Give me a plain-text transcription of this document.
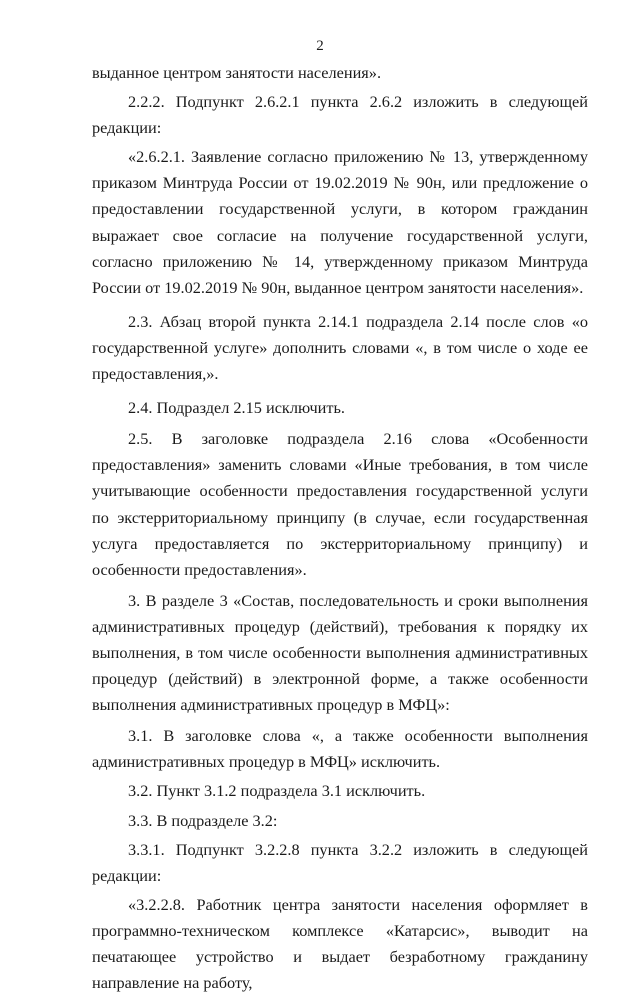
2

выданное центром занятости населения».

2.2.2. Подпункт 2.6.2.1 пункта 2.6.2 изложить в следующей редакции:

«2.6.2.1. Заявление согласно приложению № 13, утвержденному приказом Минтруда России от 19.02.2019 № 90н, или предложение о предоставлении государственной услуги, в котором гражданин выражает свое согласие на получение государственной услуги, согласно приложению № 14, утвержденному приказом Минтруда России от 19.02.2019 № 90н, выданное центром занятости населения».

2.3. Абзац второй пункта 2.14.1 подраздела 2.14 после слов «о государственной услуге» дополнить словами «, в том числе о ходе ее предоставления,».

2.4. Подраздел 2.15 исключить.

2.5. В заголовке подраздела 2.16 слова «Особенности предоставления» заменить словами «Иные требования, в том числе учитывающие особенности предоставления государственной услуги по экстерриториальному принципу (в случае, если государственная услуга предоставляется по экстерриториальному принципу) и особенности предоставления».

3. В разделе 3 «Состав, последовательность и сроки выполнения административных процедур (действий), требования к порядку их выполнения, в том числе особенности выполнения административных процедур (действий) в электронной форме, а также особенности выполнения административных процедур в МФЦ»:

3.1. В заголовке слова «, а также особенности выполнения административных процедур в МФЦ» исключить.

3.2. Пункт 3.1.2 подраздела 3.1 исключить.

3.3. В подразделе 3.2:

3.3.1. Подпункт 3.2.2.8 пункта 3.2.2 изложить в следующей редакции:

«3.2.2.8. Работник центра занятости населения оформляет в программно-техническом комплексе «Катарсис», выводит на печатающее устройство и выдает безработному гражданину направление на работу,
